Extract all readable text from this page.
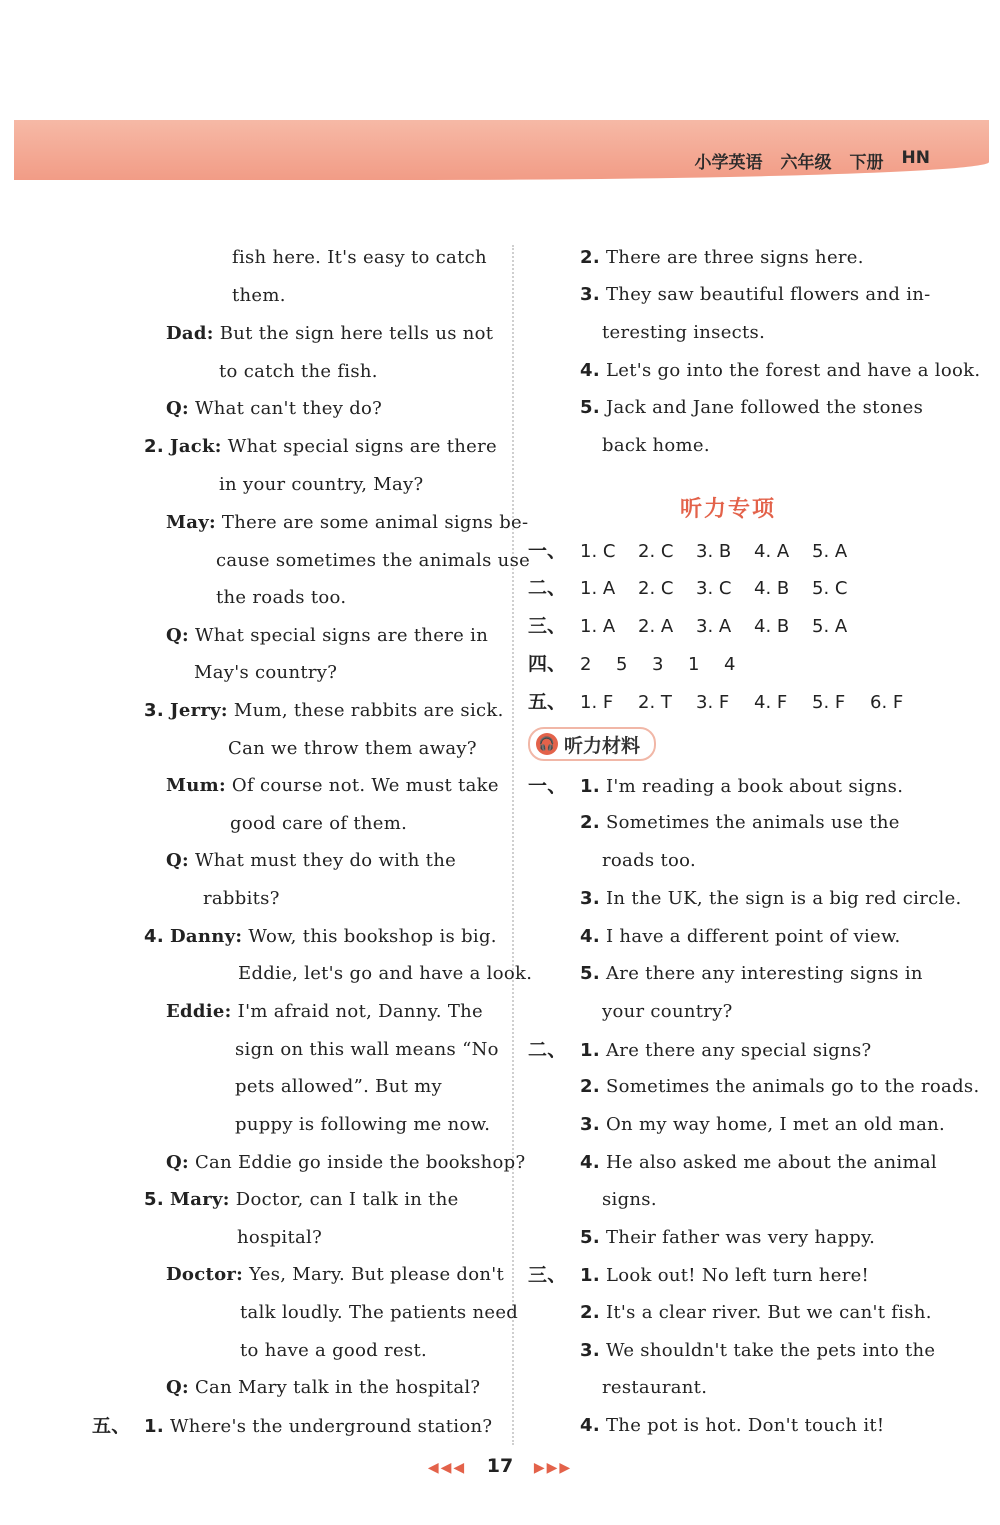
小学英语 六年级 下册 HN
fish here. It's easy to catch
them.
Dad: But the sign here tells us not
to catch the fish.
Q: What can't they do?
2. Jack: What special signs are there
in your country, May?
May: There are some animal signs be-
cause sometimes the animals use
the roads too.
Q: What special signs are there in
May's country?
3. Jerry: Mum, these rabbits are sick.
Can we throw them away?
Mum: Of course not. We must take
good care of them.
Q: What must they do with the
rabbits?
4. Danny: Wow, this bookshop is big.
Eddie, let's go and have a look.
Eddie: I'm afraid not, Danny. The
sign on this wall means “No
pets allowed”. But my
puppy is following me now.
Q: Can Eddie go inside the bookshop?
5. Mary: Doctor, can I talk in the
hospital?
Doctor: Yes, Mary. But please don't
talk loudly. The patients need
to have a good rest.
Q: Can Mary talk in the hospital?
五、 1. Where's the underground station?
2. There are three signs here.
3. They saw beautiful flowers and in-
teresting insects.
4. Let's go into the forest and have a look.
5. Jack and Jane followed the stones
back home.
听力专项
一、 1. C 2. C 3. B 4. A 5. A
二、 1. A 2. C 3. C 4. B 5. C
三、 1. A 2. A 3. A 4. B 5. A
四、 2 5 3 1 4
五、 1. F 2. T 3. F 4. F 5. F 6. F
🎧 听力材料
一、 1. I'm reading a book about signs.
2. Sometimes the animals use the
roads too.
3. In the UK, the sign is a big red circle.
4. I have a different point of view.
5. Are there any interesting signs in
your country?
二、 1. Are there any special signs?
2. Sometimes the animals go to the roads.
3. On my way home, I met an old man.
4. He also asked me about the animal
signs.
5. Their father was very happy.
三、 1. Look out! No left turn here!
2. It's a clear river. But we can't fish.
3. We shouldn't take the pets into the
restaurant.
4. The pot is hot. Don't touch it!
◀◀◀ 17 ▶▶▶
